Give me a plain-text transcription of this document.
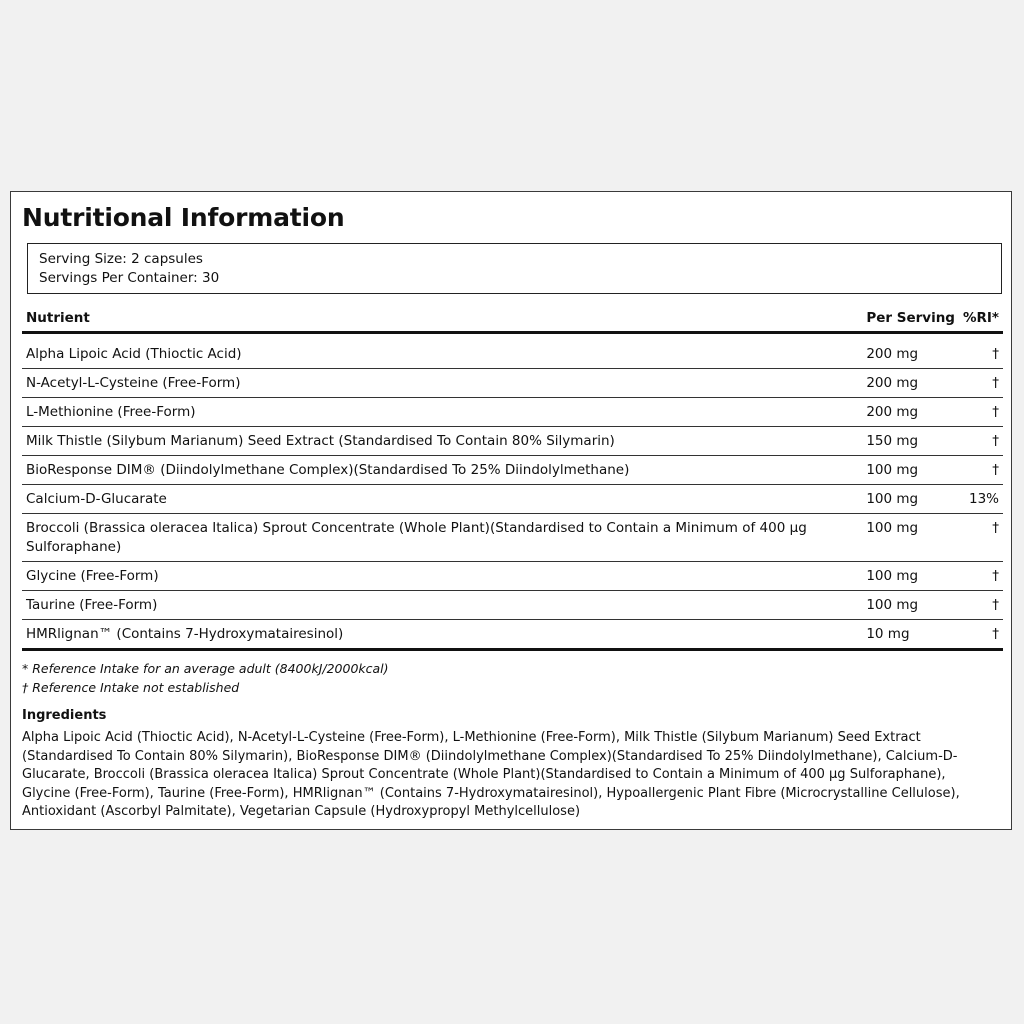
Nutritional Information
Serving Size: 2 capsules
Servings Per Container: 30
Nutrient	Per Serving	%RI*
Alpha Lipoic Acid (Thioctic Acid)	200 mg	†
N-Acetyl-L-Cysteine (Free-Form)	200 mg	†
L-Methionine (Free-Form)	200 mg	†
Milk Thistle (Silybum Marianum) Seed Extract (Standardised To Contain 80% Silymarin)	150 mg	†
BioResponse DIM® (Diindolylmethane Complex)(Standardised To 25% Diindolylmethane)	100 mg	†
Calcium-D-Glucarate	100 mg	13%
Broccoli (Brassica oleracea Italica) Sprout Concentrate (Whole Plant)(Standardised to Contain a Minimum of 400 µg Sulforaphane)	100 mg	†
Glycine (Free-Form)	100 mg	†
Taurine (Free-Form)	100 mg	†
HMRlignan™ (Contains 7-Hydroxymatairesinol)	10 mg	†
* Reference Intake for an average adult (8400kJ/2000kcal)
† Reference Intake not established
Ingredients
Alpha Lipoic Acid (Thioctic Acid), N-Acetyl-L-Cysteine (Free-Form), L-Methionine (Free-Form), Milk Thistle (Silybum Marianum) Seed Extract (Standardised To Contain 80% Silymarin), BioResponse DIM® (Diindolylmethane Complex)(Standardised To 25% Diindolylmethane), Calcium-D-Glucarate, Broccoli (Brassica oleracea Italica) Sprout Concentrate (Whole Plant)(Standardised to Contain a Minimum of 400 µg Sulforaphane), Glycine (Free-Form), Taurine (Free-Form), HMRlignan™ (Contains 7-Hydroxymatairesinol), Hypoallergenic Plant Fibre (Microcrystalline Cellulose), Antioxidant (Ascorbyl Palmitate), Vegetarian Capsule (Hydroxypropyl Methylcellulose)
